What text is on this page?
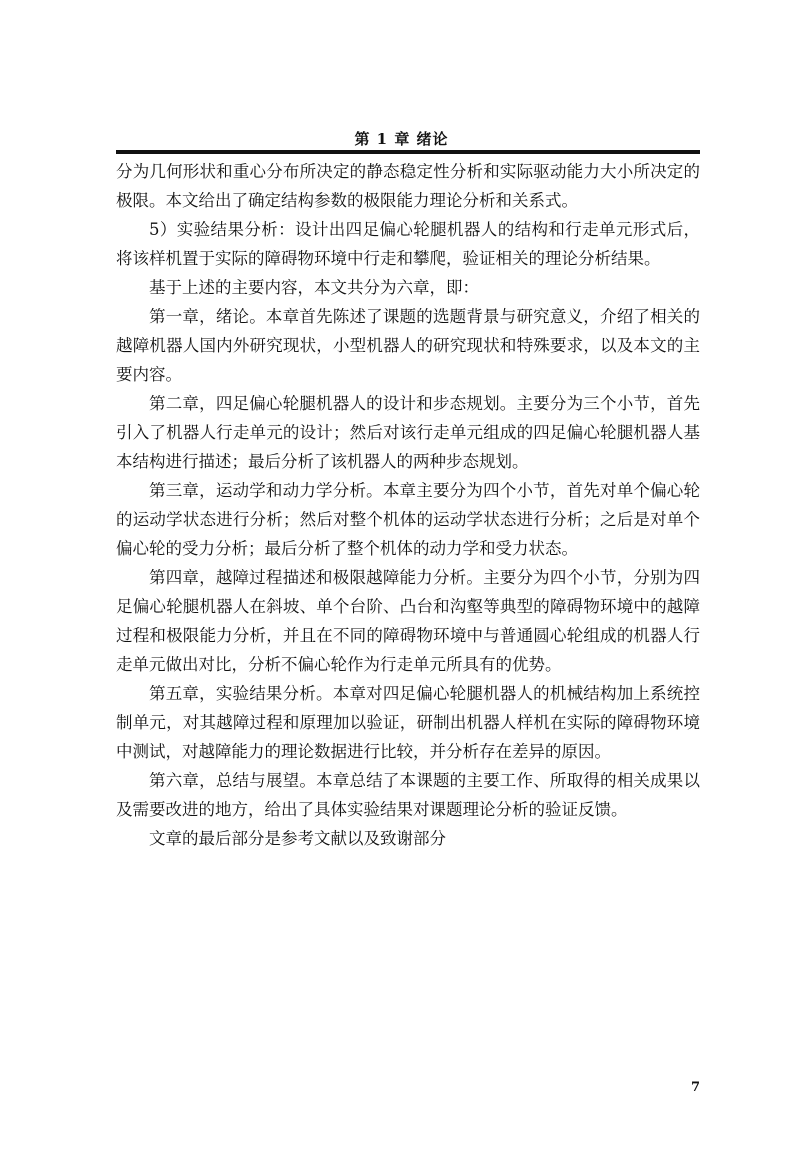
第 1 章 绪论

分为几何形状和重心分布所决定的静态稳定性分析和实际驱动能力大小所决定的极限。本文给出了确定结构参数的极限能力理论分析和关系式。

5）实验结果分析：设计出四足偏心轮腿机器人的结构和行走单元形式后，将该样机置于实际的障碍物环境中行走和攀爬，验证相关的理论分析结果。

基于上述的主要内容，本文共分为六章，即：

第一章，绪论。本章首先陈述了课题的选题背景与研究意义，介绍了相关的越障机器人国内外研究现状，小型机器人的研究现状和特殊要求，以及本文的主要内容。

第二章，四足偏心轮腿机器人的设计和步态规划。主要分为三个小节，首先引入了机器人行走单元的设计；然后对该行走单元组成的四足偏心轮腿机器人基本结构进行描述；最后分析了该机器人的两种步态规划。

第三章，运动学和动力学分析。本章主要分为四个小节，首先对单个偏心轮的运动学状态进行分析；然后对整个机体的运动学状态进行分析；之后是对单个偏心轮的受力分析；最后分析了整个机体的动力学和受力状态。

第四章，越障过程描述和极限越障能力分析。主要分为四个小节，分别为四足偏心轮腿机器人在斜坡、单个台阶、凸台和沟壑等典型的障碍物环境中的越障过程和极限能力分析，并且在不同的障碍物环境中与普通圆心轮组成的机器人行走单元做出对比，分析不偏心轮作为行走单元所具有的优势。

第五章，实验结果分析。本章对四足偏心轮腿机器人的机械结构加上系统控制单元，对其越障过程和原理加以验证，研制出机器人样机在实际的障碍物环境中测试，对越障能力的理论数据进行比较，并分析存在差异的原因。

第六章，总结与展望。本章总结了本课题的主要工作、所取得的相关成果以及需要改进的地方，给出了具体实验结果对课题理论分析的验证反馈。

文章的最后部分是参考文献以及致谢部分

7
